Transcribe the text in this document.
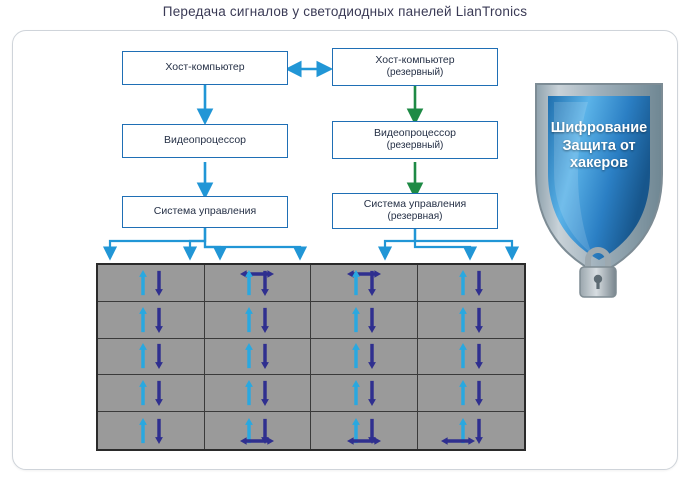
Передача сигналов у светодиодных панелей LianTronics
Хост-компьютер
Хост-компьютер
(резервный)
Видеопроцессор
Видеопроцессор
(резервный)
Система управления
Система управления
(резервная)
Шифрование
Защита от
хакеров
